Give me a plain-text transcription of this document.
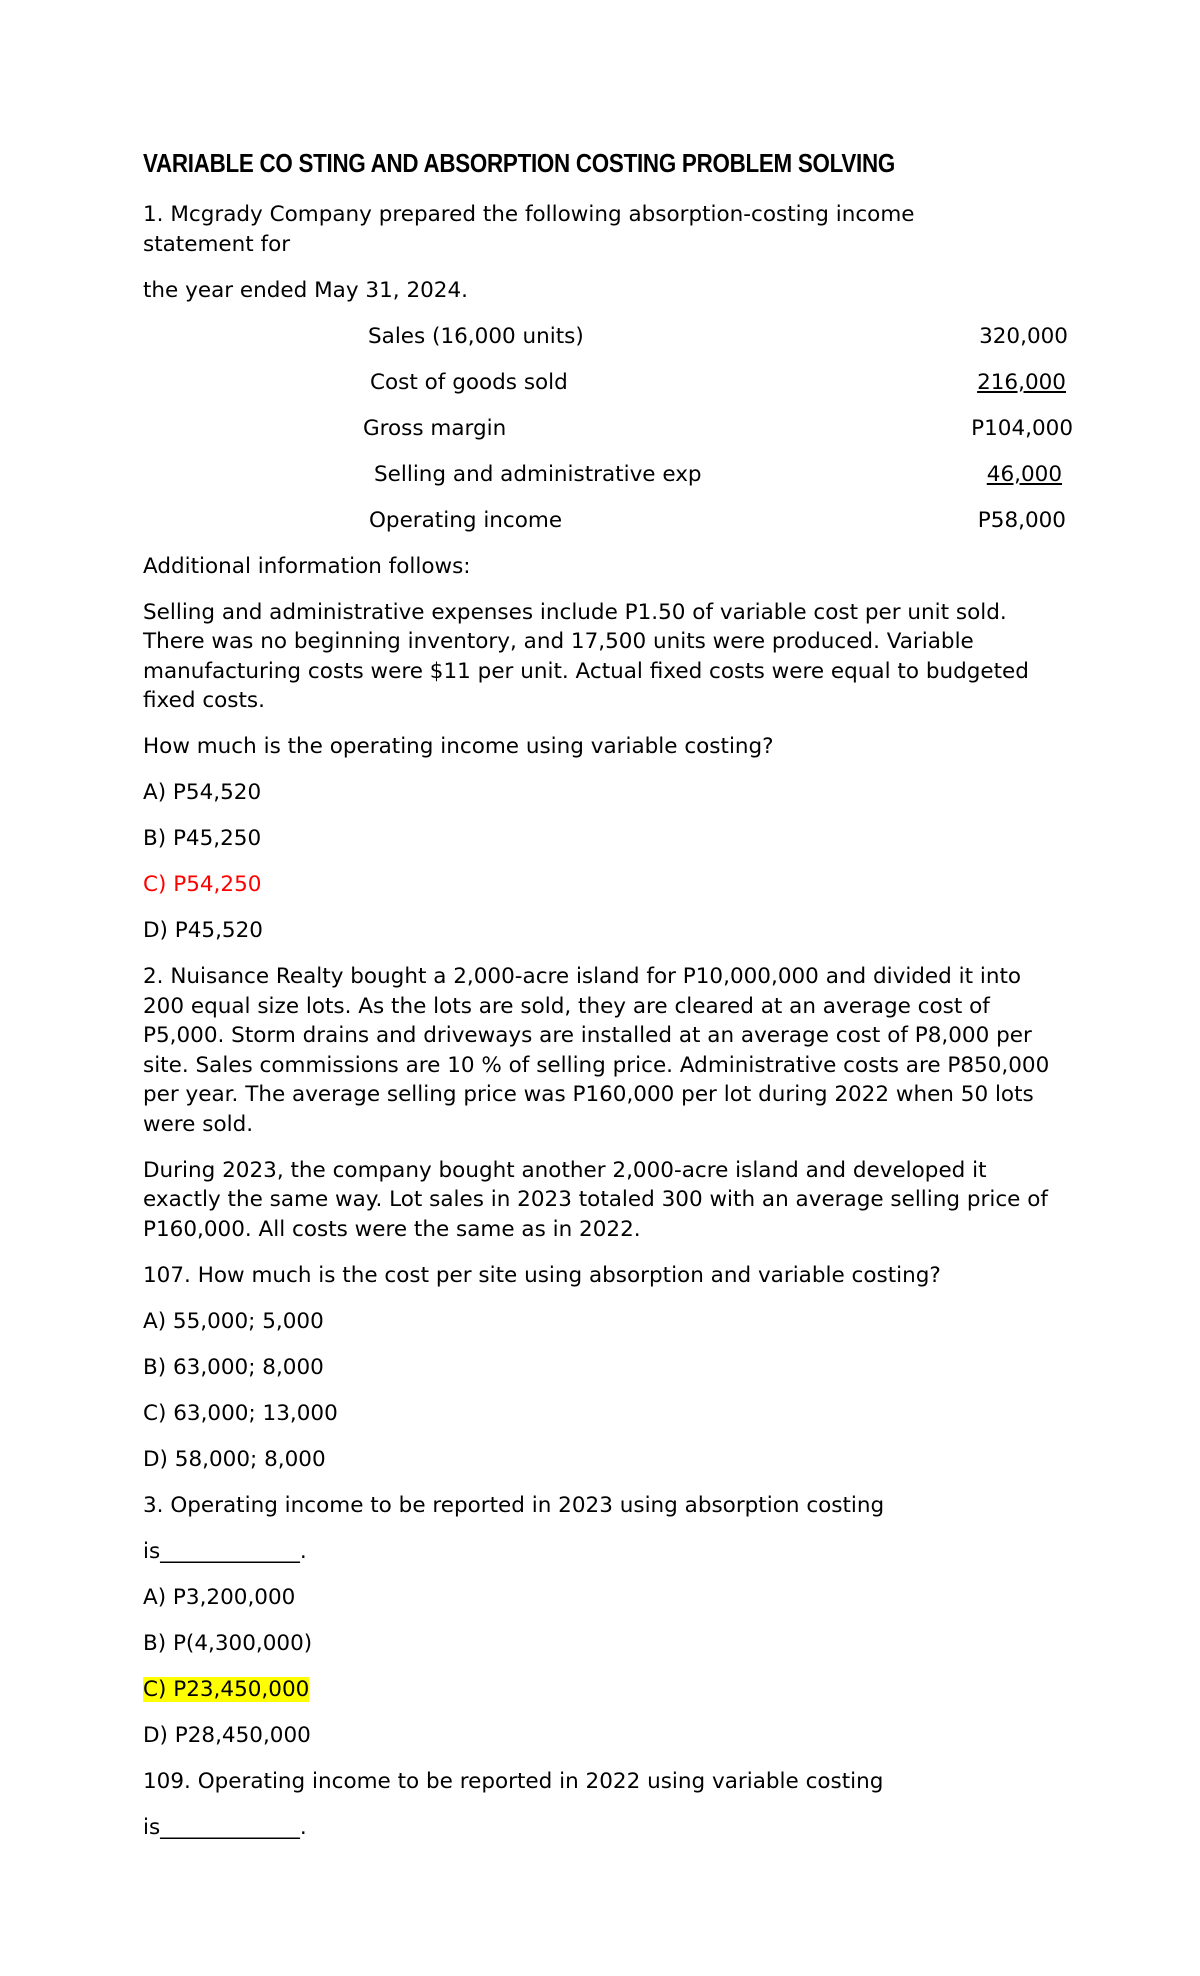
VARIABLE CO STING AND ABSORPTION COSTING PROBLEM SOLVING

1. Mcgrady Company prepared the following absorption-costing income statement for

the year ended May 31, 2024.

Sales (16,000 units)	320,000
Cost of goods sold	216,000
Gross margin	P104,000
Selling and administrative exp	46,000
Operating income	P58,000

Additional information follows:

Selling and administrative expenses include P1.50 of variable cost per unit sold. There was no beginning inventory, and 17,500 units were produced. Variable manufacturing costs were $11 per unit. Actual fixed costs were equal to budgeted fixed costs.

How much is the operating income using variable costing?

A) P54,520

B) P45,250

C) P54,250

D) P45,520

2. Nuisance Realty bought a 2,000-acre island for P10,000,000 and divided it into 200 equal size lots. As the lots are sold, they are cleared at an average cost of P5,000. Storm drains and driveways are installed at an average cost of P8,000 per site. Sales commissions are 10 % of selling price. Administrative costs are P850,000 per year. The average selling price was P160,000 per lot during 2022 when 50 lots were sold.

During 2023, the company bought another 2,000-acre island and developed it exactly the same way. Lot sales in 2023 totaled 300 with an average selling price of P160,000. All costs were the same as in 2022.

107. How much is the cost per site using absorption and variable costing?

A) 55,000; 5,000

B) 63,000; 8,000

C) 63,000; 13,000

D) 58,000; 8,000

3. Operating income to be reported in 2023 using absorption costing

is_____________.

A) P3,200,000

B) P(4,300,000)

C) P23,450,000

D) P28,450,000

109. Operating income to be reported in 2022 using variable costing

is_____________.
